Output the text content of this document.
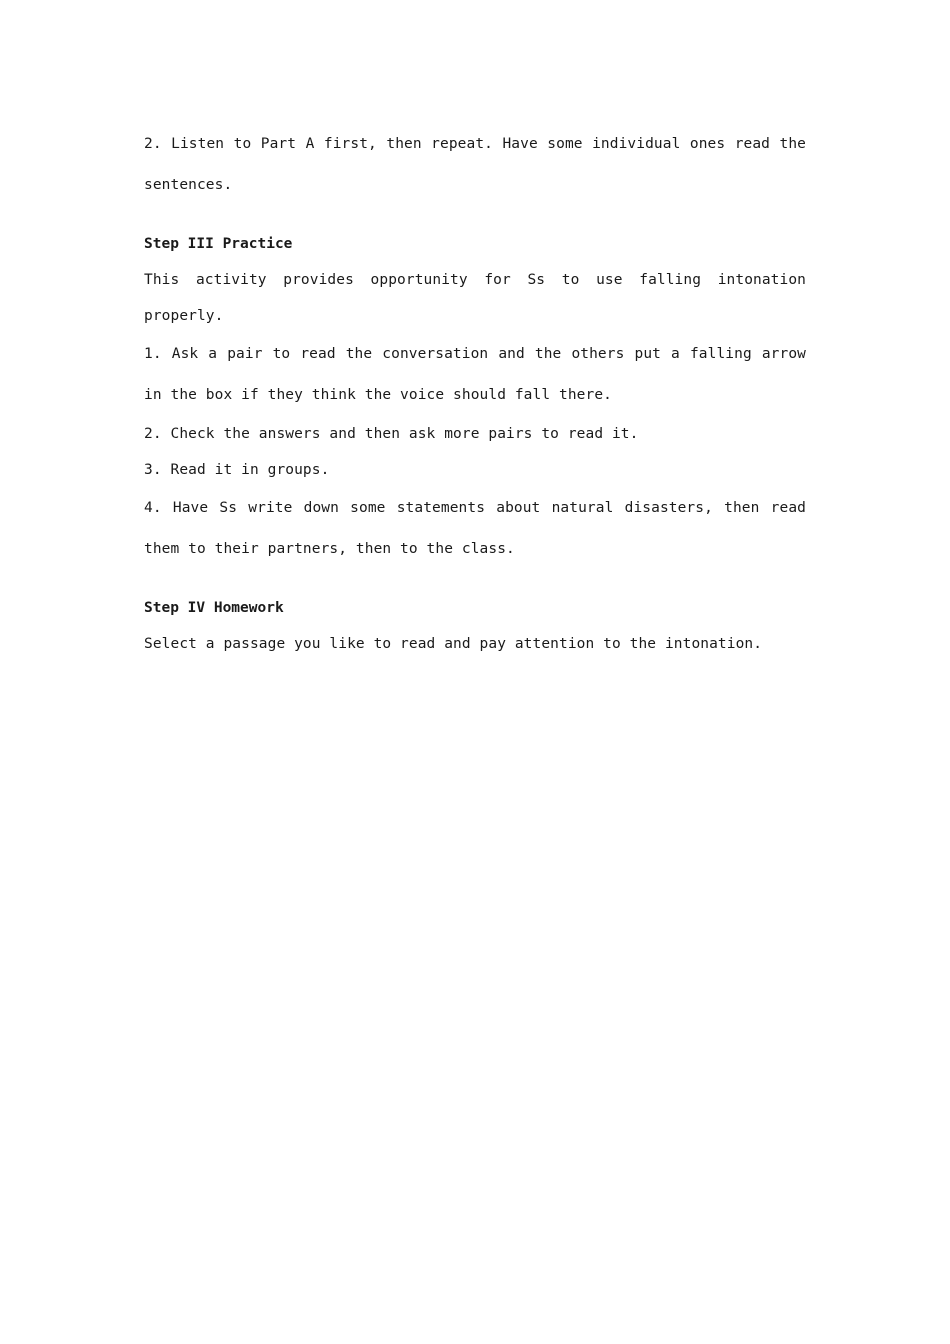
2. Listen to Part A first, then repeat. Have some individual ones read the sentences.

Step III Practice

This activity provides opportunity for Ss to use falling intonation properly.

1. Ask a pair to read the conversation and the others put a falling arrow in the box if they think the voice should fall there.

2. Check the answers and then ask more pairs to read it.

3. Read it in groups.

4. Have Ss write down some statements about natural disasters, then read them to their partners, then to the class.

Step IV Homework

Select a passage you like to read and pay attention to the intonation.
